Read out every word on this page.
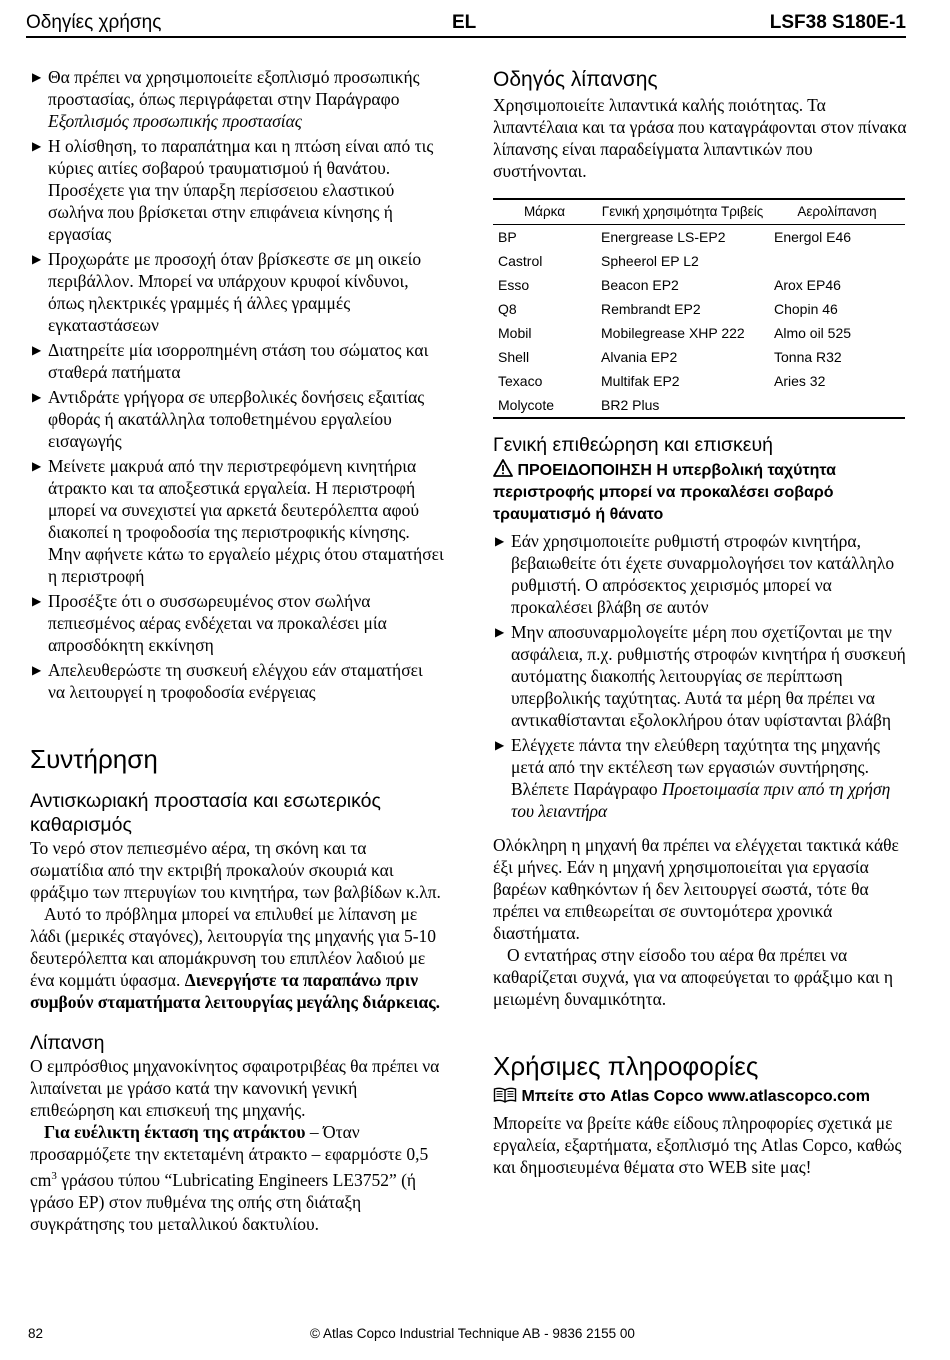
Οδηγίες χρήσης	EL	LSF38 S180E-1
▶ Θα πρέπει να χρησιμοποιείτε εξοπλισμό προσωπικής προστασίας, όπως περιγράφεται στην Παράγραφο Εξοπλισμός προσωπικής προστασίας
▶ Η ολίσθηση, το παραπάτημα και η πτώση είναι από τις κύριες αιτίες σοβαρού τραυματισμού ή θανάτου. Προσέχετε για την ύπαρξη περίσσειου ελαστικού σωλήνα που βρίσκεται στην επιφάνεια κίνησης ή εργασίας
▶ Προχωράτε με προσοχή όταν βρίσκεστε σε μη οικείο περιβάλλον. Μπορεί να υπάρχουν κρυφοί κίνδυνοι, όπως ηλεκτρικές γραμμές ή άλλες γραμμές εγκαταστάσεων
▶ Διατηρείτε μία ισορροπημένη στάση του σώματος και σταθερά πατήματα
▶ Αντιδράτε γρήγορα σε υπερβολικές δονήσεις εξαιτίας φθοράς ή ακατάλληλα τοποθετημένου εργαλείου εισαγωγής
▶ Μείνετε μακρυά από την περιστρεφόμενη κινητήρια άτρακτο και τα αποξεστικά εργαλεία. Η περιστροφή μπορεί να συνεχιστεί για αρκετά δευτερόλεπτα αφού διακοπεί η τροφοδοσία της περιστροφικής κίνησης. Μην αφήνετε κάτω το εργαλείο μέχρις ότου σταματήσει η περιστροφή
▶ Προσέξτε ότι ο συσσωρευμένος στον σωλήνα πεπιεσμένος αέρας ενδέχεται να προκαλέσει μία απροσδόκητη εκκίνηση
▶ Απελευθερώστε τη συσκευή ελέγχου εάν σταματήσει να λειτουργεί η τροφοδοσία ενέργειας
Συντήρηση
Αντισκωριακή προστασία και εσωτερικός καθαρισμός

Το νερό στον πεπιεσμένο αέρα, τη σκόνη και τα σωματίδια από την εκτριβή προκαλούν σκουριά και φράξιμο των πτερυγίων του κινητήρα, των βαλβίδων κ.λπ.

Αυτό το πρόβλημα μπορεί να επιλυθεί με λίπανση με λάδι (μερικές σταγόνες), λειτουργία της μηχανής για 5-10 δευτερόλεπτα και απομάκρυνση του επιπλέον λαδιού με ένα κομμάτι ύφασμα. Διενεργήστε τα παραπάνω πριν συμβούν σταματήματα λειτουργίας μεγάλης διάρκειας.

Λίπανση

Ο εμπρόσθιος μηχανοκίνητος σφαιροτριβέας θα πρέπει να λιπαίνεται με γράσο κατά την κανονική γενική επιθεώρηση και επισκευή της μηχανής.

Για ευέλικτη έκταση της ατράκτου – Όταν προσαρμόζετε την εκτεταμένη άτρακτο – εφαρμόστε 0,5 $cm^3$ γράσου τύπου “Lubricating Engineers LE3752” (ή γράσο EP) στον πυθμένα της οπής στη διάταξη συγκράτησης του μεταλλικού δακτυλίου.

Οδηγός λίπανσης

Χρησιμοποιείτε λιπαντικά καλής ποιότητας. Τα λιπαντέλαια και τα γράσα που καταγράφονται στον πίνακα λίπανσης είναι παραδείγματα λιπαντικών που συστήνονται.

Μάρκα	Γενική χρησιμότητα Τριβείς	Αερολίπανση
BP	Energrease LS-EP2	Energol E46
Castrol	Spheerol EP L2	
Esso	Beacon EP2	Arox EP46
Q8	Rembrandt EP2	Chopin 46
Mobil	Mobilegrease XHP 222	Almo oil 525
Shell	Alvania EP2	Tonna R32
Texaco	Multifak EP2	Aries 32
Molycote	BR2 Plus	
Γενική επιθεώρηση και επισκευή
ΠΡΟΕΙΔΟΠΟΙΗΣΗ Η υπερβολική ταχύτητα περιστροφής μπορεί να προκαλέσει σοβαρό τραυματισμό ή θάνατο
▶ Εάν χρησιμοποιείτε ρυθμιστή στροφών κινητήρα, βεβαιωθείτε ότι έχετε συναρμολογήσει τον κατάλληλο ρυθμιστή. Ο απρόσεκτος χειρισμός μπορεί να προκαλέσει βλάβη σε αυτόν
▶ Μην αποσυναρμολογείτε μέρη που σχετίζονται με την ασφάλεια, π.χ. ρυθμιστής στροφών κινητήρα ή συσκευή αυτόματης διακοπής λειτουργίας σε περίπτωση υπερβολικής ταχύτητας. Αυτά τα μέρη θα πρέπει να αντικαθίστανται εξολοκλήρου όταν υφίστανται βλάβη
▶ Ελέγχετε πάντα την ελεύθερη ταχύτητα της μηχανής μετά από την εκτέλεση των εργασιών συντήρησης. Βλέπετε Παράγραφο Προετοιμασία πριν από τη χρήση του λειαντήρα

Ολόκληρη η μηχανή θα πρέπει να ελέγχεται τακτικά κάθε έξι μήνες. Εάν η μηχανή χρησιμοποιείται για εργασία βαρέων καθηκόντων ή δεν λειτουργεί σωστά, τότε θα πρέπει να επιθεωρείται σε συντομότερα χρονικά διαστήματα.

Ο εντατήρας στην είσοδο του αέρα θα πρέπει να καθαρίζεται συχνά, για να αποφεύγεται το φράξιμο και η μειωμένη δυναμικότητα.

Χρήσιμες πληροφορίες
Μπείτε στο Atlas Copco www.atlascopco.com

Μπορείτε να βρείτε κάθε είδους πληροφορίες σχετικά με εργαλεία, εξαρτήματα, εξοπλισμό της Atlas Copco, καθώς και δημοσιευμένα θέματα στο WEB site μας!

82	© Atlas Copco Industrial Technique AB - 9836 2155 00
